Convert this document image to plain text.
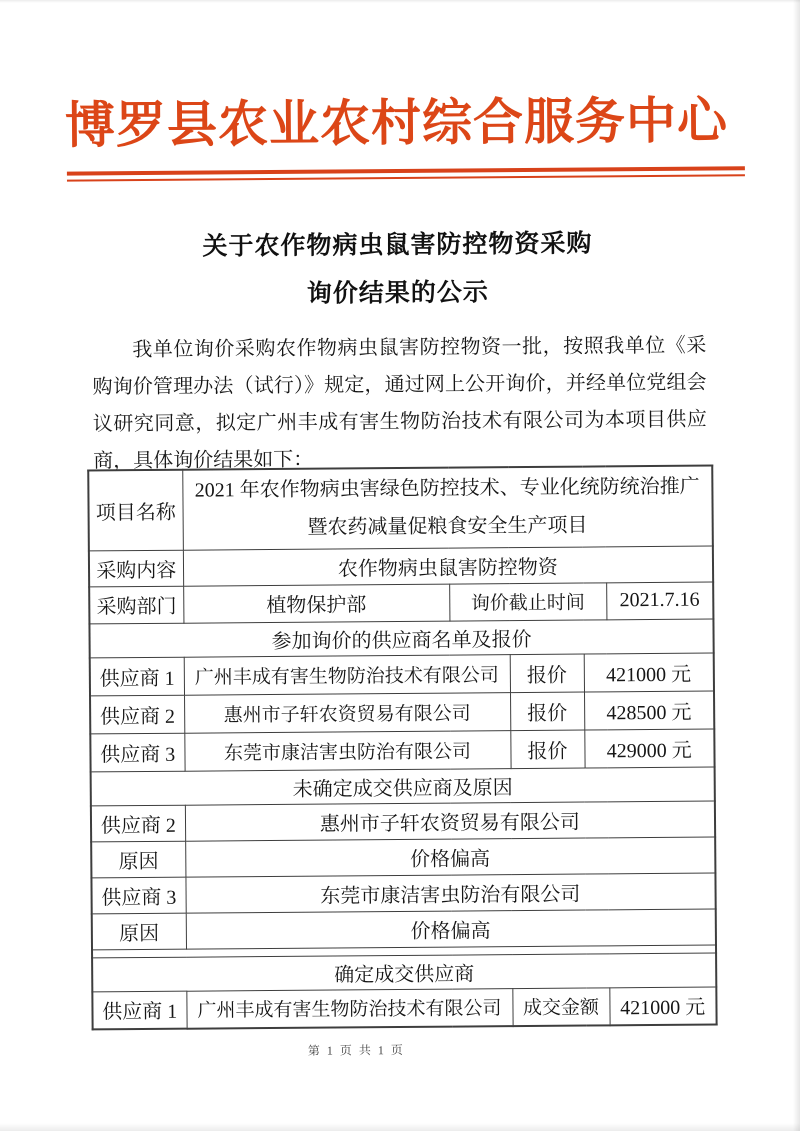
博罗县农业农村综合服务中心
关于农作物病虫鼠害防控物资采购
询价结果的公示
我单位询价采购农作物病虫鼠害防控物资一批，按照我单位《采购询价管理办法（试行）》规定，通过网上公开询价，并经单位党组会议研究同意，拟定广州丰成有害生物防治技术有限公司为本项目供应商，具体询价结果如下：
项目名称	2021 年农作物病虫害绿色防控技术、专业化统防统治推广
暨农药减量促粮食安全生产项目				

采购内容	农作物病虫鼠害防控物资				
采购部门	植物保护部	询价截止时间			2021.7.16
参加询价的供应商名单及报价					
供应商 1	广州丰成有害生物防治技术有限公司		报价	421000 元	
供应商 2	惠州市子轩农资贸易有限公司		报价	428500 元	
供应商 3	东莞市康洁害虫防治有限公司		报价	429000 元	
未确定成交供应商及原因					
供应商 2	惠州市子轩农资贸易有限公司				
原因	价格偏高				
供应商 3	东莞市康洁害虫防治有限公司				
原因	价格偏高				

确定成交供应商					
供应商 1	广州丰成有害生物防治技术有限公司		成交金额		421000 元
第 1 页 共 1 页
